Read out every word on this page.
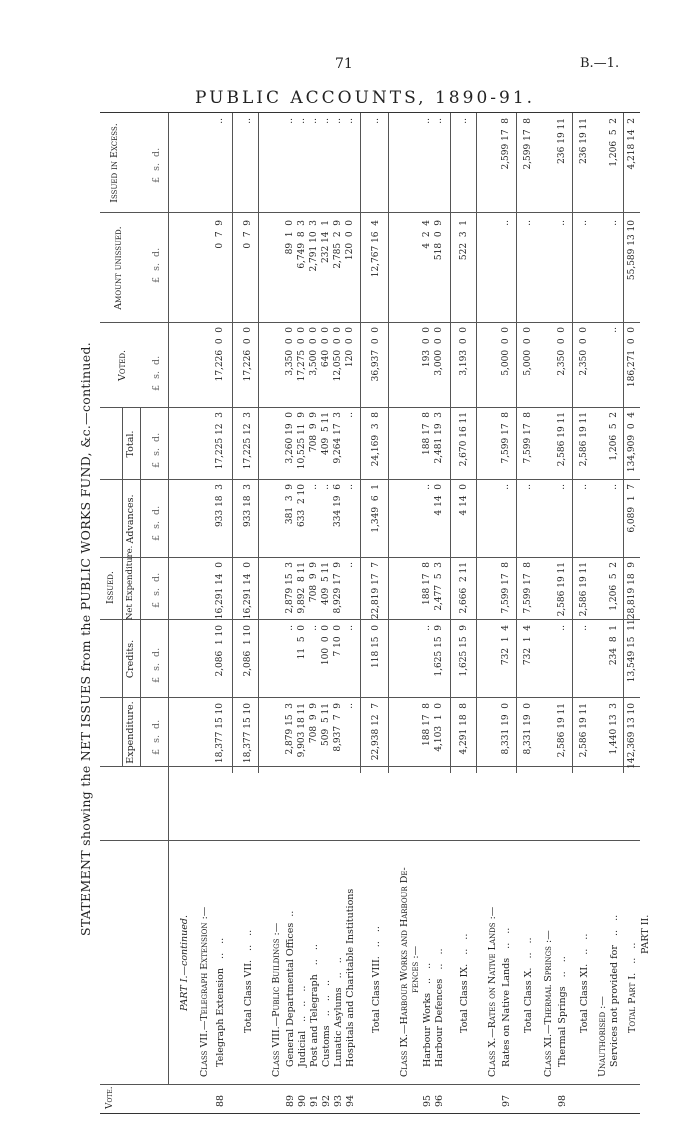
71	B.—1.
PUBLIC ACCOUNTS, 1890-91.
STATEMENT showing the NET ISSUES from the PUBLIC WORKS FUND, &c.—continued.
Vote.
Issued.
Expenditure.
Credits.
Net Expenditure.
Advances.
Total.
Voted.
Amount unissued.
Issued in Excess.
£  s.  d.
£  s.  d.
£  s.  d.
£  s.  d.
£  s.  d.
£  s.  d.
£  s.  d.
£  s.  d.
PART I.—continued. Class VII.—Telegraph Extension :—
88
Telegraph Extension   ..   .. Total Class VII.   ..   .. Class VIII.—Public Buildings :—
89
General Departmental Offices  ..
90
Judicial   ..   ..   ..
91
Post and Telegraph   ..   ..
92
Customs   ..   ..   ..
93
Lunatic Asylums   ..   ..
94
Hospitals and Charitable Institutions Total Class VIII.   ..   .. Class IX.—Harbour Works and Harbour De- fences :—
95
Harbour Works   ..   ..
96
Harbour Defences   ..   .. Total Class IX.   ..   .. Class X.—Rates on Native Lands :—
97
Rates on Native Lands   ..   .. Total Class X.   ..   .. Class XI.—Thermal Springs :—
98
Thermal Springs   ..   .. Total Class XI.   ..   ..
Unauthorised :— Services not provided for   ..   .. Total Part I.   ..   ..
18,377 15 10
2,086  1 10
16,291 14  0
933 18  3
17,225 12  3
17,226  0  0
0  7  9
..
18,377 15 10
2,086  1 10
16,291 14  0
933 18  3
17,225 12  3
17,226  0  0
0  7  9
..
2,879 15  3
..
2,879 15  3
381  3  9
3,260 19  0
3,350  0  0
89  1  0
..
9,903 18 11
11  5  0
9,892  8 11
633  2 10
10,525 11  9
17,275  0  0
6,749  8  3
..
708  9  9
..
708  9  9
..
708  9  9
3,500  0  0
2,791 10  3
..
509  5 11
100  0  0
409  5 11
..
409  5 11
640  0  0
232 14  1
..
8,937  7  9
7 10  0
8,929 17  9
334 19  6
9,264 17  3
12,050  0  0
2,785  2  9
..
..
..
..
..
..
120  0  0
120  0  0
..
22,938 12  7
118 15  0
22,819 17  7
1,349  6  1
24,169  3  8
36,937  0  0
12,767 16  4
..
188 17  8
..
188 17  8
..
188 17  8
193  0  0
4  2  4
..
4,103  1  0
1,625 15  9
2,477  5  3
4 14  0
2,481 19  3
3,000  0  0
518  0  9
..
4,291 18  8
1,625 15  9
2,666  2 11
4 14  0
2,670 16 11
3,193  0  0
522  3  1
..
8,331 19  0
732  1  4
7,599 17  8
..
7,599 17  8
5,000  0  0
..
2,599 17  8
8,331 19  0
732  1  4
7,599 17  8
..
7,599 17  8
5,000  0  0
..
2,599 17  8
2,586 19 11
..
2,586 19 11
..
2,586 19 11
2,350  0  0
..
236 19 11
2,586 19 11
..
2,586 19 11
..
2,586 19 11
2,350  0  0
..
236 19 11
1,440 13  3
234  8  1
1,206  5  2
..
1,206  5  2
..
..
1,206  5  2
142,369 13 10
13,549 15  1
128,819 18  9
6,089  1  7
134,909  0  4
186,271  0  0
55,589 13 10
4,218 14  2
PART II.
